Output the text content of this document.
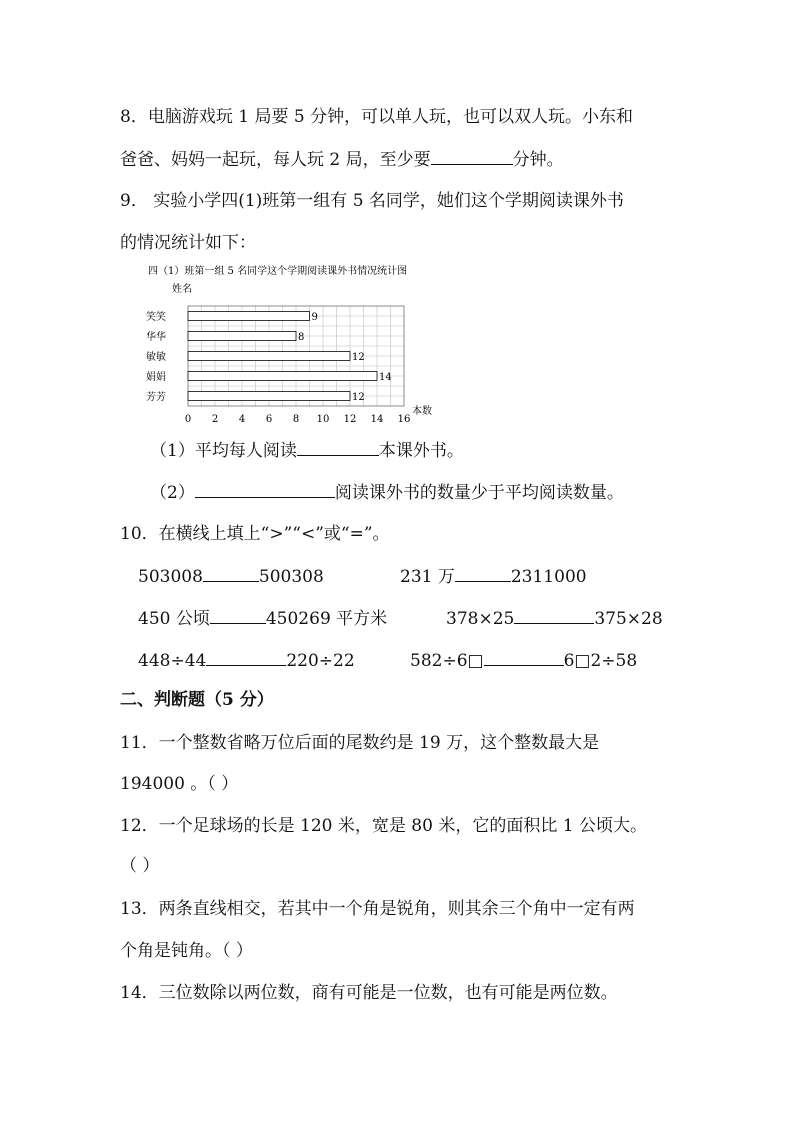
8．电脑游戏玩 1 局要 5 分钟，可以单人玩，也可以双人玩。小东和
爸爸、妈妈一起玩，每人玩 2 局，至少要	分钟。
9． 实验小学四(1)班第一组有 5 名同学，她们这个学期阅读课外书
的情况统计如下：
四（1）班第一组 5 名同学这个学期阅读课外书情况统计图
姓名
本数
笑笑	9
华华	8
敏敏	12
娟娟	14
芳芳	12
0 2 4 6 8 10 12 14 16
（1）平均每人阅读	本课外书。
（2）	阅读课外书的数量少于平均阅读数量。
10．在横线上填上“>”“<”或“=”。
503008	500308	231 万	2311000
450 公顷	450269 平方米	378×25	375×28
448÷44	220÷22	582÷6□	6□2÷58
二、判断题（5 分）
11．一个整数省略万位后面的尾数约是 19 万，这个整数最大是
194000 。（ ）
12．一个足球场的长是 120 米，宽是 80 米，它的面积比 1 公顷大。
（ ）
13．两条直线相交，若其中一个角是锐角，则其余三个角中一定有两
个角是钝角。（ ）
14．三位数除以两位数，商有可能是一位数，也有可能是两位数。
